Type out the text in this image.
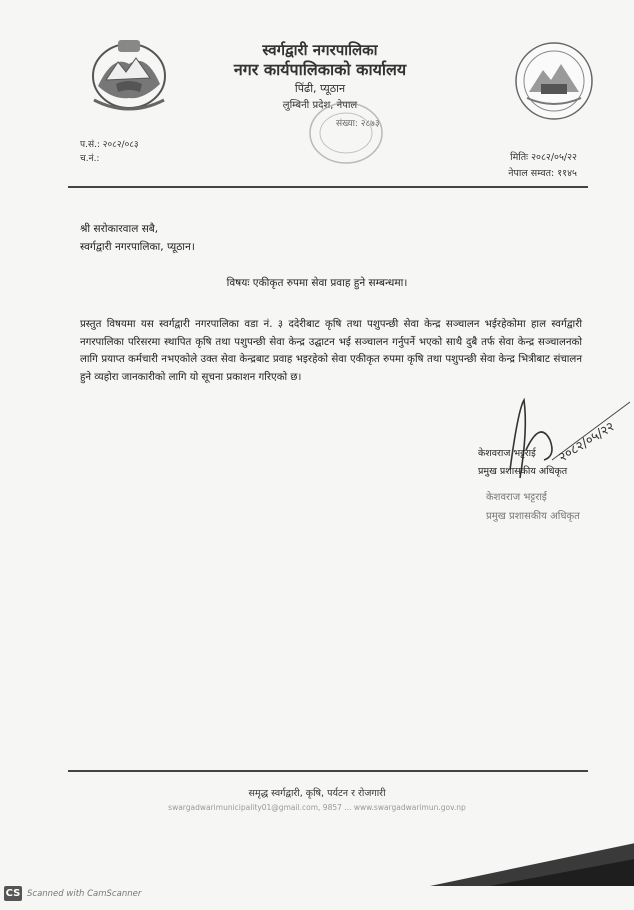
स्वर्गद्वारी नगरपालिका
नगर कार्यपालिकाको कार्यालय
पिंढी, प्यूठान
लुम्बिनी प्रदेश, नेपाल
संख्या: २८७३
प.सं.: २०८२/०८३
च.नं.:	मितिः २०८२/०५/२२
नेपाल सम्वत: ११४५
श्री सरोकारवाल सबै,
स्वर्गद्वारी नगरपालिका, प्यूठान।
विषयः एकीकृत रुपमा सेवा प्रवाह हुने सम्बन्धमा।
प्रस्तुत विषयमा यस स्वर्गद्वारी नगरपालिका वडा नं. ३ ददेरीबाट कृषि तथा पशुपन्छी सेवा केन्द्र सञ्चालन भईरहेकोमा हाल स्वर्गद्वारी नगरपालिका परिसरमा स्थापित कृषि तथा पशुपन्छी सेवा केन्द्र उद्घाटन भई सञ्चालन गर्नुपर्ने भएको साथै दुबै तर्फ सेवा केन्द्र सञ्चालनको लागि प्रयाप्त कर्मचारी नभएकोले उक्त सेवा केन्द्रबाट प्रवाह भइरहेको सेवा एकीकृत रुपमा कृषि तथा पशुपन्छी सेवा केन्द्र भित्रीबाट संचालन हुने व्यहोरा जानकारीको लागि यो सूचना प्रकाशन गरिएको छ।
२०८२/०५/२२
केशवराज भट्टराई
प्रमुख प्रशासकीय अधिकृत
केशवराज भट्टराई
प्रमुख प्रशासकीय अधिकृत
समृद्ध स्वर्गद्वारी, कृषि, पर्यटन र रोजगारी
swargadwarimunicipality01@gmail.com, 9857 ... www.swargadwarimun.gov.np
CS Scanned with CamScanner
